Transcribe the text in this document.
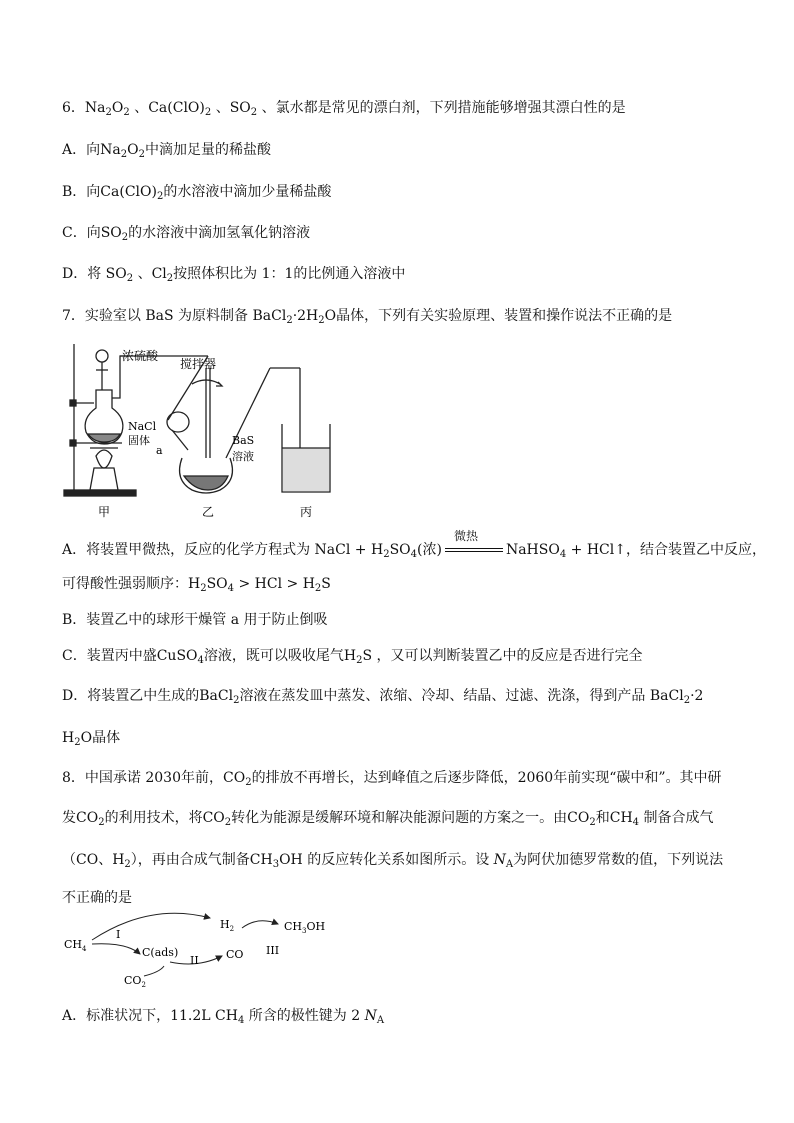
6．$Na_2O_2$ 、$Ca(ClO)_2$ 、$SO_2$ 、氯水都是常见的漂白剂，下列措施能够增强其漂白性的是
A．向$Na_2O_2$中滴加足量的稀盐酸
B．向$Ca(ClO)_2$的水溶液中滴加少量稀盐酸
C．向$SO_2$的水溶液中滴加氢氧化钠溶液
D．将 $SO_2$ 、$Cl_2$按照体积比为 1：1的比例通入溶液中
7．实验室以 BaS 为原料制备 $BaCl_2\cdot 2H_2O$晶体，下列有关实验原理、装置和操作说法不正确的是
浓硫酸
搅拌器
NaCl
固体
a
BaS
溶液
甲	乙	丙
A．将装置甲微热，反应的化学方程式为 NaCl + $H_2SO_4$(浓)
微热
NaHSO$_4$ + HCl↑，结合装置乙中反应，
可得酸性强弱顺序：$H_2SO_4$ > HCl > $H_2S$
B．装置乙中的球形干燥管 a 用于防止倒吸
C．装置丙中盛CuSO$_4$溶液，既可以吸收尾气$H_2S$ ，又可以判断装置乙中的反应是否进行完全
D．将装置乙中生成的BaCl$_2$溶液在蒸发皿中蒸发、浓缩、冷却、结晶、过滤、洗涤，得到产品 BaCl$_2$·2
$H_2O$晶体
8．中国承诺 2030年前，$CO_2$的排放不再增长，达到峰值之后逐步降低，2060年前实现“碳中和”。其中研
发$CO_2$的利用技术，将$CO_2$转化为能源是缓解环境和解决能源问题的方案之一。由$CO_2$和$CH_4$ 制备合成气
（CO、$H_2$），再由合成气制备$CH_3OH$ 的反应转化关系如图所示。设 $N_A$为阿伏加德罗常数的值，下列说法
不正确的是
$CH_4$
I
$H_2$	$CH_3OH$
C(ads)
II CO III
$CO_2$
A．标准状况下，11.2L $CH_4$ 所含的极性键为 2 $N_A$
